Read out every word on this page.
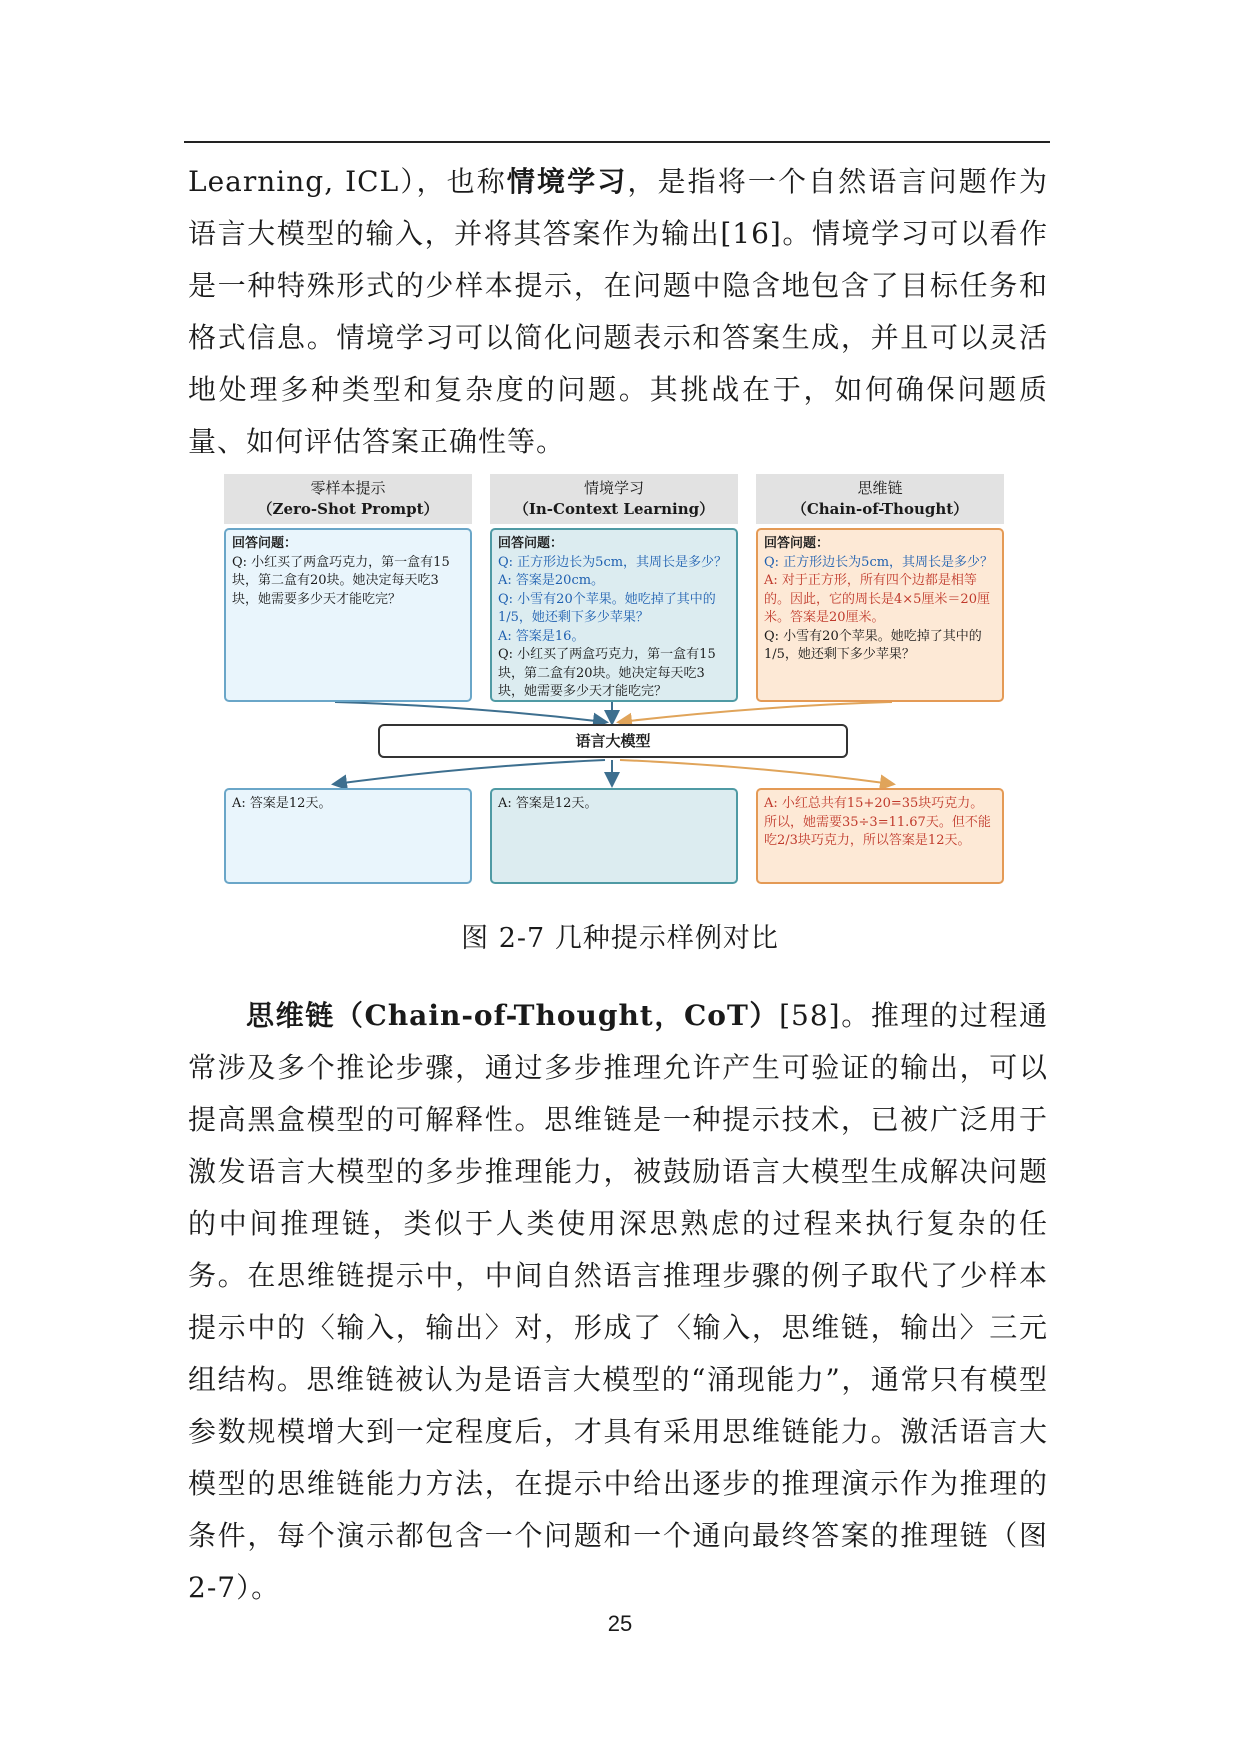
Learning, ICL），也称情境学习，是指将一个自然语言问题作为语言大模型的输入，并将其答案作为输出[16]。情境学习可以看作是一种特殊形式的少样本提示，在问题中隐含地包含了目标任务和格式信息。情境学习可以简化问题表示和答案生成，并且可以灵活地处理多种类型和复杂度的问题。其挑战在于，如何确保问题质量、如何评估答案正确性等。

零样本提示
（Zero-Shot Prompt）
情境学习
（In-Context Learning）
思维链
（Chain-of-Thought）
回答问题：
Q: 小红买了两盒巧克力，第一盒有15块，第二盒有20块。她决定每天吃3块，她需要多少天才能吃完？
回答问题：
Q: 正方形边长为5cm，其周长是多少？
A: 答案是20cm。
Q: 小雪有20个苹果。她吃掉了其中的1/5，她还剩下多少苹果？
A: 答案是16。
Q: 小红买了两盒巧克力，第一盒有15块，第二盒有20块。她决定每天吃3块，她需要多少天才能吃完？
回答问题：
Q: 正方形边长为5cm，其周长是多少？
A: 对于正方形，所有四个边都是相等的。因此，它的周长是4×5厘米＝20厘米。答案是20厘米。
Q: 小雪有20个苹果。她吃掉了其中的1/5，她还剩下多少苹果？
语言大模型
A: 答案是12天。	A: 答案是12天。	A: 小红总共有15+20=35块巧克力。所以，她需要35÷3=11.67天。但不能吃2/3块巧克力，所以答案是12天。
图 2-7 几种提示样例对比

思维链（Chain-of-Thought，CoT）[58]。推理的过程通常涉及多个推论步骤，通过多步推理允许产生可验证的输出，可以提高黑盒模型的可解释性。思维链是一种提示技术，已被广泛用于激发语言大模型的多步推理能力，被鼓励语言大模型生成解决问题的中间推理链，类似于人类使用深思熟虑的过程来执行复杂的任务。在思维链提示中，中间自然语言推理步骤的例子取代了少样本提示中的〈输入，输出〉对，形成了〈输入，思维链，输出〉三元组结构。思维链被认为是语言大模型的“涌现能力”，通常只有模型参数规模增大到一定程度后，才具有采用思维链能力。激活语言大模型的思维链能力方法，在提示中给出逐步的推理演示作为推理的条件，每个演示都包含一个问题和一个通向最终答案的推理链（图 2-7）。

25
